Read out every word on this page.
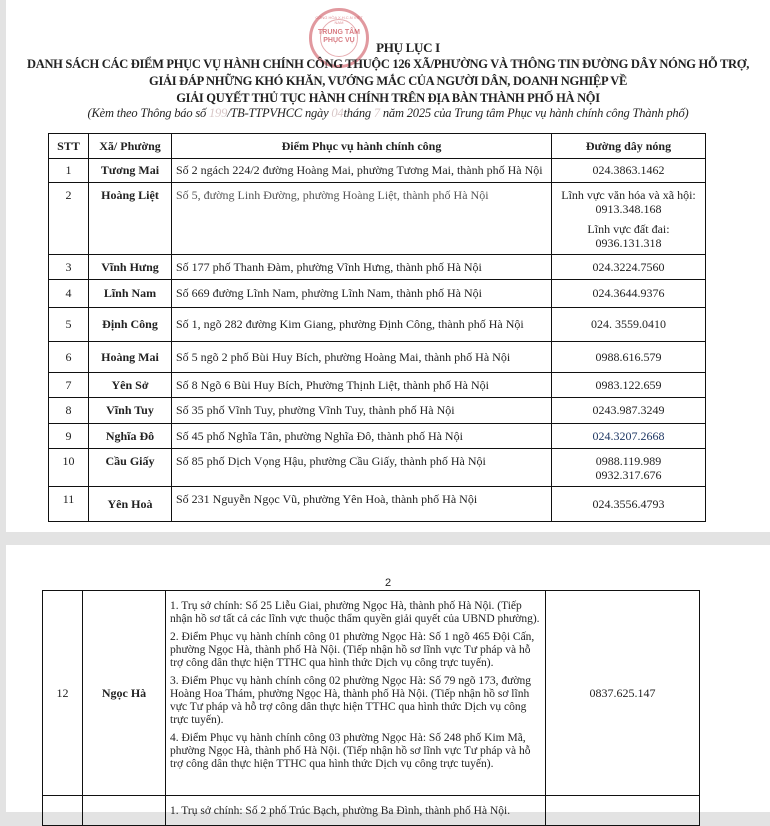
CỘNG HÒA X.H.C.N VIỆT NAM
TRUNG TÂM
PHỤC VỤ	PHỤ LỤC I
DANH SÁCH CÁC ĐIỂM PHỤC VỤ HÀNH CHÍNH CÔNG THUỘC 126 XÃ/PHƯỜNG VÀ THÔNG TIN ĐƯỜNG DÂY NÓNG HỖ TRỢ,
GIẢI ĐÁP NHỮNG KHÓ KHĂN, VƯỚNG MẮC CỦA NGƯỜI DÂN, DOANH NGHIỆP VỀ
GIẢI QUYẾT THỦ TỤC HÀNH CHÍNH TRÊN ĐỊA BÀN THÀNH PHỐ HÀ NỘI
(Kèm theo Thông báo số 199/TB-TTPVHCC ngày 04tháng 7 năm 2025 của Trung tâm Phục vụ hành chính công Thành phố)
STT	Xã/ Phường	Điểm Phục vụ hành chính công	Đường dây nóng
1	Tương Mai	Số 2 ngách 224/2 đường Hoàng Mai, phường Tương Mai, thành phố Hà Nội	024.3863.1462
2	Hoàng Liệt	Số 5, đường Linh Đường, phường Hoàng Liệt, thành phố Hà Nội	Lĩnh vực văn hóa và xã hội:
0913.348.168
Lĩnh vực đất đai:
0936.131.318

3	Vĩnh Hưng	Số 177 phố Thanh Đàm, phường Vĩnh Hưng, thành phố Hà Nội	024.3224.7560
4	Lĩnh Nam	Số 669 đường Lĩnh Nam, phường Lĩnh Nam, thành phố Hà Nội	024.3644.9376
5	Định Công	Số 1, ngõ 282 đường Kim Giang, phường Định Công, thành phố Hà Nội	024. 3559.0410
6	Hoàng Mai	Số 5 ngõ 2 phố Bùi Huy Bích, phường Hoàng Mai, thành phố Hà Nội	0988.616.579
7	Yên Sở	Số 8 Ngõ 6 Bùi Huy Bích, Phường Thịnh Liệt, thành phố Hà Nội	0983.122.659
8	Vĩnh Tuy	Số 35 phố Vĩnh Tuy, phường Vĩnh Tuy, thành phố Hà Nội	0243.987.3249
9	Nghĩa Đô	Số 45 phố Nghĩa Tân, phường Nghĩa Đô, thành phố Hà Nội	024.3207.2668
10	Cầu Giấy	Số 85 phố Dịch Vọng Hậu, phường Cầu Giấy, thành phố Hà Nội	0988.119.989
0932.317.676

11	Yên Hoà	Số 231 Nguyễn Ngọc Vũ, phường Yên Hoà, thành phố Hà Nội	024.3556.4793
2
12	Ngọc Hà	1. Trụ sở chính: Số 25 Liễu Giai, phường Ngọc Hà, thành phố Hà Nội. (Tiếp nhận hồ sơ tất cả các lĩnh vực thuộc thẩm quyền giải quyết của UBND phường).
2. Điểm Phục vụ hành chính công 01 phường Ngọc Hà: Số 1 ngõ 465 Đội Cấn, phường Ngọc Hà, thành phố Hà Nội. (Tiếp nhận hồ sơ lĩnh vực Tư pháp và hỗ trợ công dân thực hiện TTHC qua hình thức Dịch vụ công trực tuyến).
3. Điểm Phục vụ hành chính công 02 phường Ngọc Hà: Số 79 ngõ 173, đường Hoàng Hoa Thám, phường Ngọc Hà, thành phố Hà Nội. (Tiếp nhận hồ sơ lĩnh vực Tư pháp và hỗ trợ công dân thực hiện TTHC qua hình thức Dịch vụ công trực tuyến).
4. Điểm Phục vụ hành chính công 03 phường Ngọc Hà: Số 248 phố Kim Mã, phường Ngọc Hà, thành phố Hà Nội. (Tiếp nhận hồ sơ lĩnh vực Tư pháp và hỗ trợ công dân thực hiện TTHC qua hình thức Dịch vụ công trực tuyến).	0837.625.147

		1. Trụ sở chính: Số 2 phố Trúc Bạch, phường Ba Đình, thành phố Hà Nội.	
